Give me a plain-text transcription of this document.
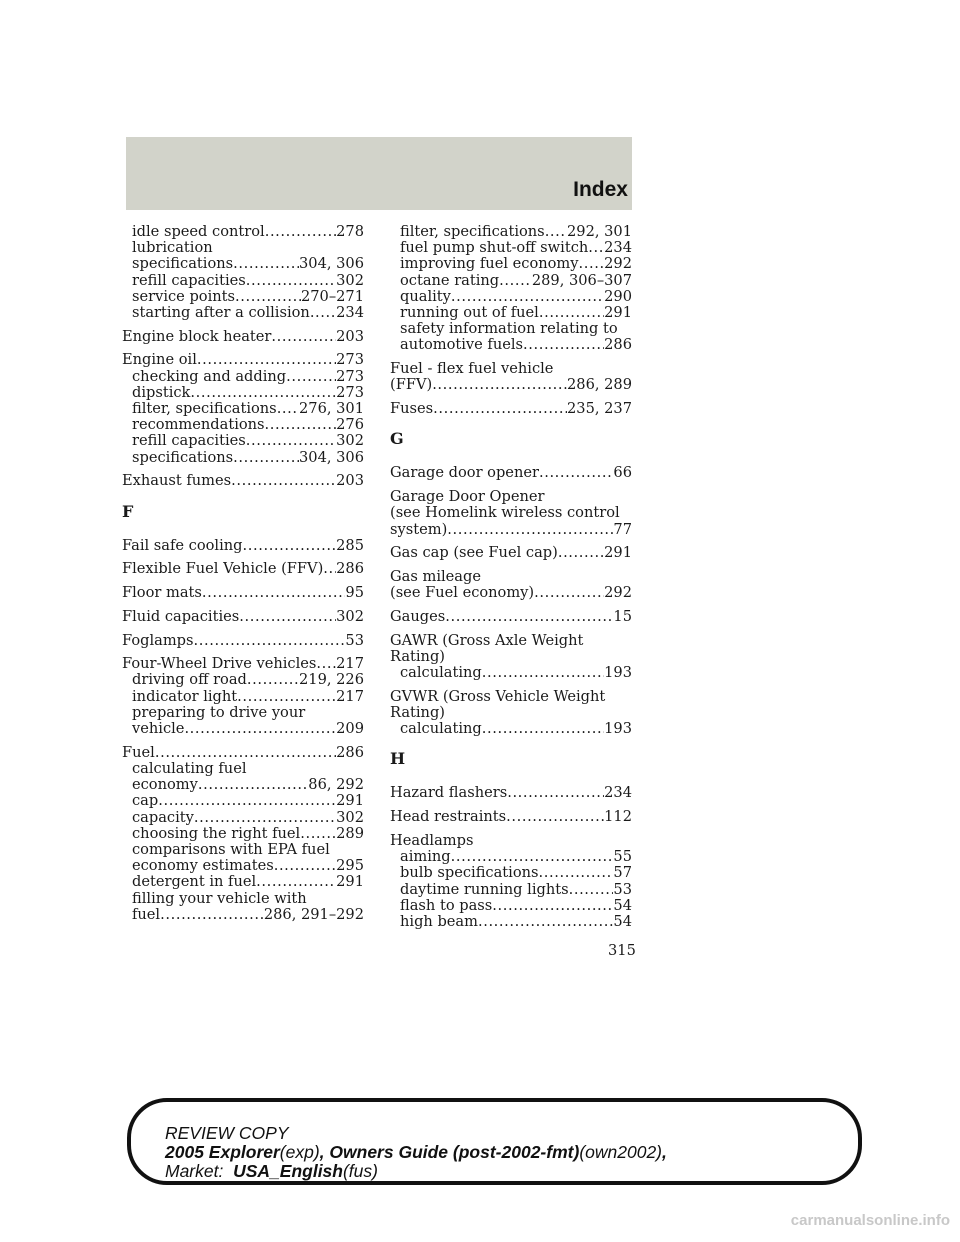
Index
idle speed control .....	278
lubrication
specifications .....	304, 306
refill capacities .....	302
service points .....	270–271
starting after a collision ..... 234
Engine block heater .....	203
Engine oil .....	273
checking and adding .....	273
dipstick .....	273
filter, specifications ..... 276, 301
recommendations .....	276
refill capacities .....	302
specifications .....	304, 306
Exhaust fumes .....	203
F
Fail safe cooling .....	285
Flexible Fuel Vehicle (FFV) ..... 286
Floor mats .....	95
Fluid capacities .....	302
Foglamps .....	53
Four-Wheel Drive vehicles ..... 217
driving off road .....	219, 226
indicator light .....	217
preparing to drive your
vehicle .....	209
Fuel .....	286
calculating fuel
economy .....	86, 292
cap .....	291
capacity .....	302
choosing the right fuel ..... 289
comparisons with EPA fuel
economy estimates .....	295
detergent in fuel .....	291
filling your vehicle with
fuel .....	286, 291–292
filter, specifications ..... 292, 301
fuel pump shut-off switch ..... 234
improving fuel economy ..... 292
octane rating ..... 289, 306–307
quality .....	290
running out of fuel .....	291
safety information relating to
automotive fuels .....	286
Fuel - flex fuel vehicle
(FFV) .....	286, 289
Fuses .....	235, 237
G
Garage door opener .....	66
Garage Door Opener
(see Homelink wireless control
system) .....	77
Gas cap (see Fuel cap) .....	291
Gas mileage
(see Fuel economy) .....	292
Gauges .....	15
GAWR (Gross Axle Weight
Rating)
calculating .....	193
GVWR (Gross Vehicle Weight
Rating)
calculating .....	193
H
Hazard flashers .....	234
Head restraints .....	112
Headlamps
aiming .....	55
bulb specifications .....	57
daytime running lights .....	53
flash to pass .....	54
high beam .....	54
315
REVIEW COPY
2005 Explorer(exp), Owners Guide (post-2002-fmt)(own2002),
Market: USA_English(fus)
carmanualsonline.info
